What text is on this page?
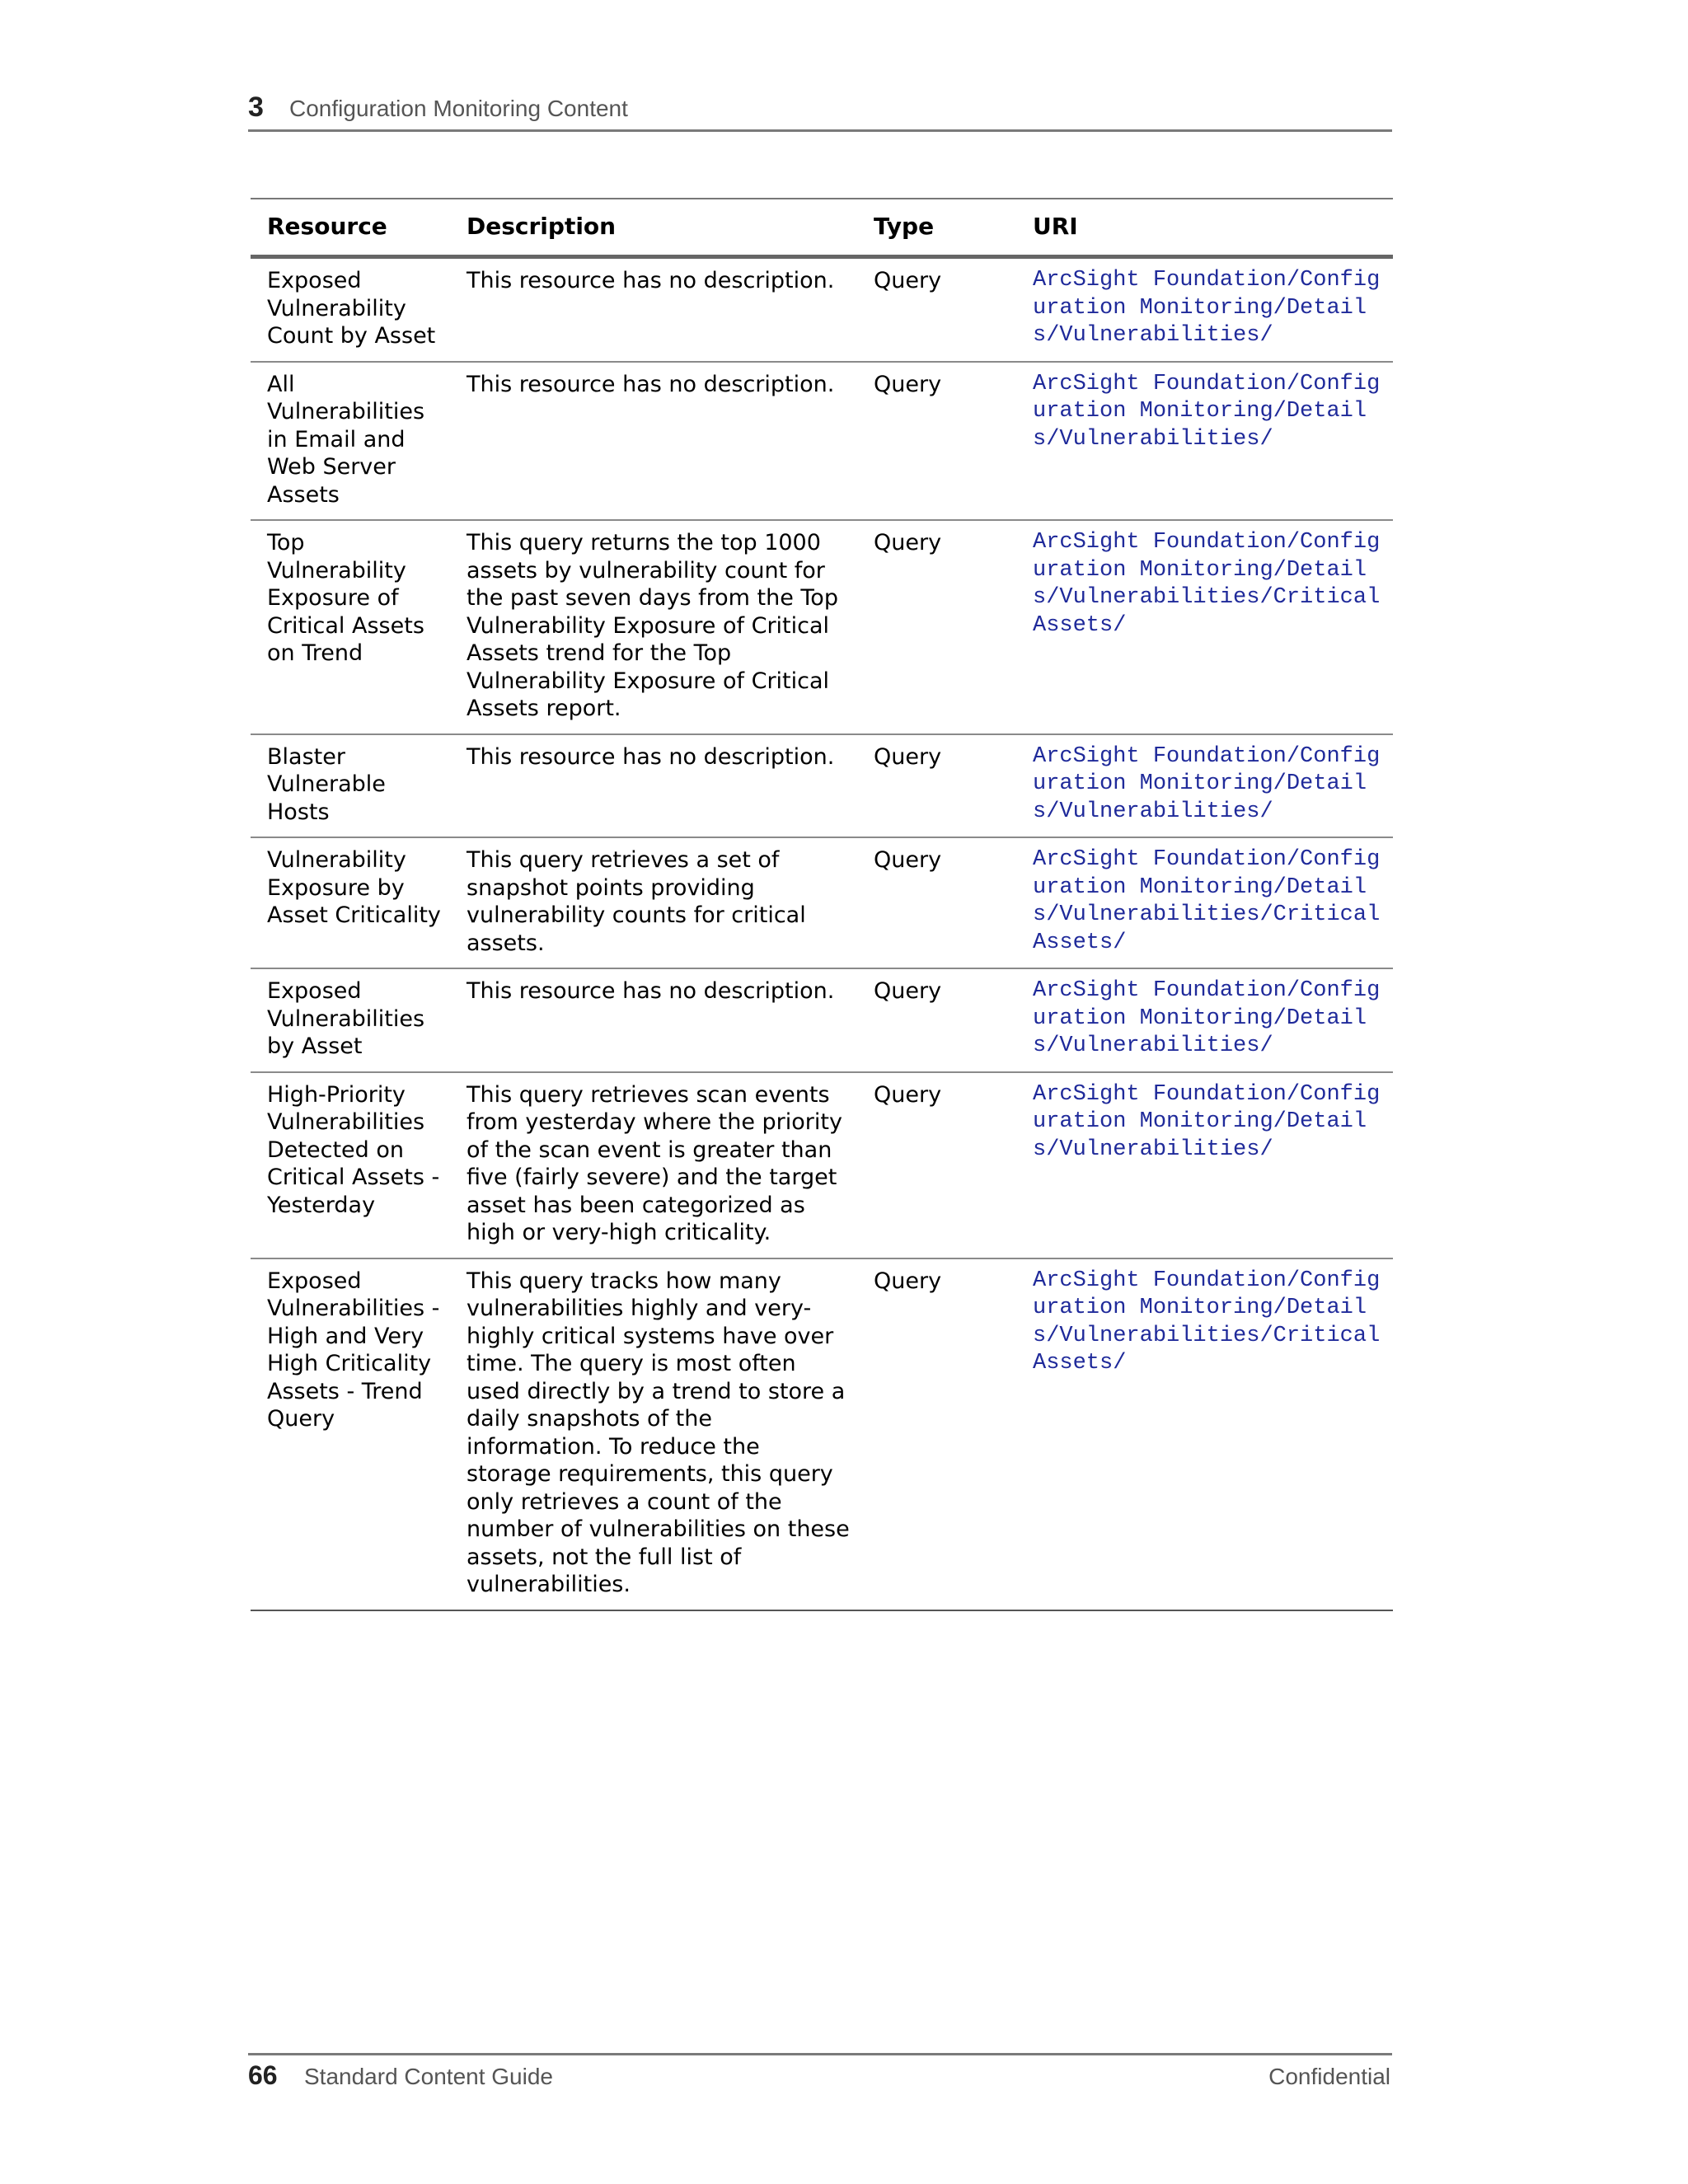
3 Configuration Monitoring Content
Resource	Description	Type	URI
Exposed Vulnerability Count by Asset	This resource has no description.	Query	ArcSight Foundation/Configuration Monitoring/Details/Vulnerabilities/
All Vulnerabilities in Email and Web Server Assets	This resource has no description.	Query	ArcSight Foundation/Configuration Monitoring/Details/Vulnerabilities/
Top Vulnerability Exposure of Critical Assets on Trend	This query returns the top 1000 assets by vulnerability count for the past seven days from the Top Vulnerability Exposure of Critical Assets trend for the Top Vulnerability Exposure of Critical Assets report.	Query	ArcSight Foundation/Configuration Monitoring/Details/Vulnerabilities/Critical Assets/
Blaster Vulnerable Hosts	This resource has no description.	Query	ArcSight Foundation/Configuration Monitoring/Details/Vulnerabilities/
Vulnerability Exposure by Asset Criticality	This query retrieves a set of snapshot points providing vulnerability counts for critical assets.	Query	ArcSight Foundation/Configuration Monitoring/Details/Vulnerabilities/Critical Assets/
Exposed Vulnerabilities by Asset	This resource has no description.	Query	ArcSight Foundation/Configuration Monitoring/Details/Vulnerabilities/
High-Priority Vulnerabilities Detected on Critical Assets - Yesterday	This query retrieves scan events from yesterday where the priority of the scan event is greater than five (fairly severe) and the target asset has been categorized as high or very-high criticality.	Query	ArcSight Foundation/Configuration Monitoring/Details/Vulnerabilities/
Exposed Vulnerabilities - High and Very High Criticality Assets - Trend Query	This query tracks how many vulnerabilities highly and very-highly critical systems have over time. The query is most often used directly by a trend to store a daily snapshots of the information. To reduce the storage requirements, this query only retrieves a count of the number of vulnerabilities on these assets, not the full list of vulnerabilities.	Query	ArcSight Foundation/Configuration Monitoring/Details/Vulnerabilities/Critical Assets/
66 Standard Content Guide	Confidential
